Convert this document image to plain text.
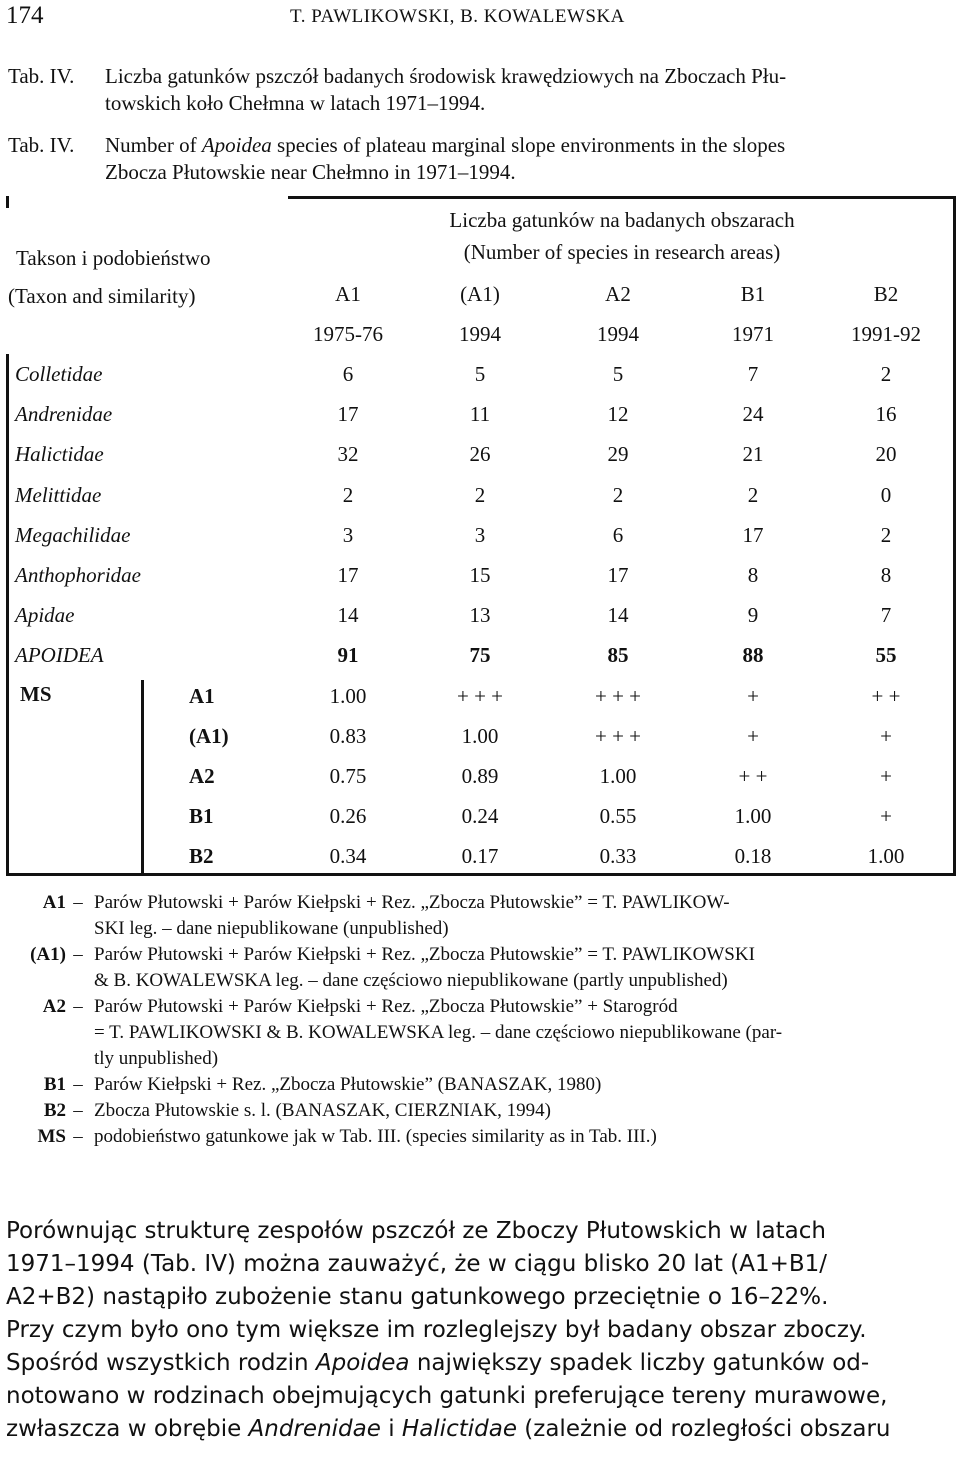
174	T. PAWLIKOWSKI, B. KOWALEWSKA
Tab. IV. Liczba gatunków pszczół badanych środowisk krawędziowych na Zboczach Płu-
towskich koło Chełmna w latach 1971–1994.
Tab. IV. Number of Apoidea species of plateau marginal slope environments in the slopes
Zbocza Płutowskie near Chełmno in 1971–1994.
Takson i podobieństwo
(Taxon and similarity)
Liczba gatunków na badanych obszarach
(Number of species in research areas)
A1	(A1)	A2	B1	B2
1975-76	1994	1994	1971	1991-92
Colletidae	6	5	5	7	2
Andrenidae	17	11	12	24	16
Halictidae	32	26	29	21	20
Melittidae	2	2	2	2	0
Megachilidae	3	3	6	17	2
Anthophoridae	17	15	17	8	8
Apidae	14	13	14	9	7
APOIDEA	91	75	85	88	55
A1	1.00	+ + +	+ + +	+	+ +
(A1)	0.83	1.00	+ + +	+	+
A2	0.75	0.89	1.00	+ +	+
B1	0.26	0.24	0.55	1.00	+
B2	0.34	0.17	0.33	0.18	1.00
MS
A1 – Parów Płutowski + Parów Kiełpski + Rez. „Zbocza Płutowskie” = T. PAWLIKOW-
SKI leg. – dane niepublikowane (unpublished)
(A1) – Parów Płutowski + Parów Kiełpski + Rez. „Zbocza Płutowskie” = T. PAWLIKOWSKI
& B. KOWALEWSKA leg. – dane częściowo niepublikowane (partly unpublished)
A2 – Parów Płutowski + Parów Kiełpski + Rez. „Zbocza Płutowskie” + Starogród
= T. PAWLIKOWSKI & B. KOWALEWSKA leg. – dane częściowo niepublikowane (par-
tly unpublished)
B1 – Parów Kiełpski + Rez. „Zbocza Płutowskie” (BANASZAK, 1980)
B2 – Zbocza Płutowskie s. l. (BANASZAK, CIERZNIAK, 1994)
MS – podobieństwo gatunkowe jak w Tab. III. (species similarity as in Tab. III.)
Porównując strukturę zespołów pszczół ze Zboczy Płutowskich w latach
1971–1994 (Tab. IV) można zauważyć, że w ciągu blisko 20 lat (A1+B1/
A2+B2) nastąpiło zubożenie stanu gatunkowego przeciętnie o 16–22%.
Przy czym było ono tym większe im rozleglejszy był badany obszar zboczy.
Spośród wszystkich rodzin Apoidea największy spadek liczby gatunków od-
notowano w rodzinach obejmujących gatunki preferujące tereny murawowe,
zwłaszcza w obrębie Andrenidae i Halictidae (zależnie od rozległości obszaru
